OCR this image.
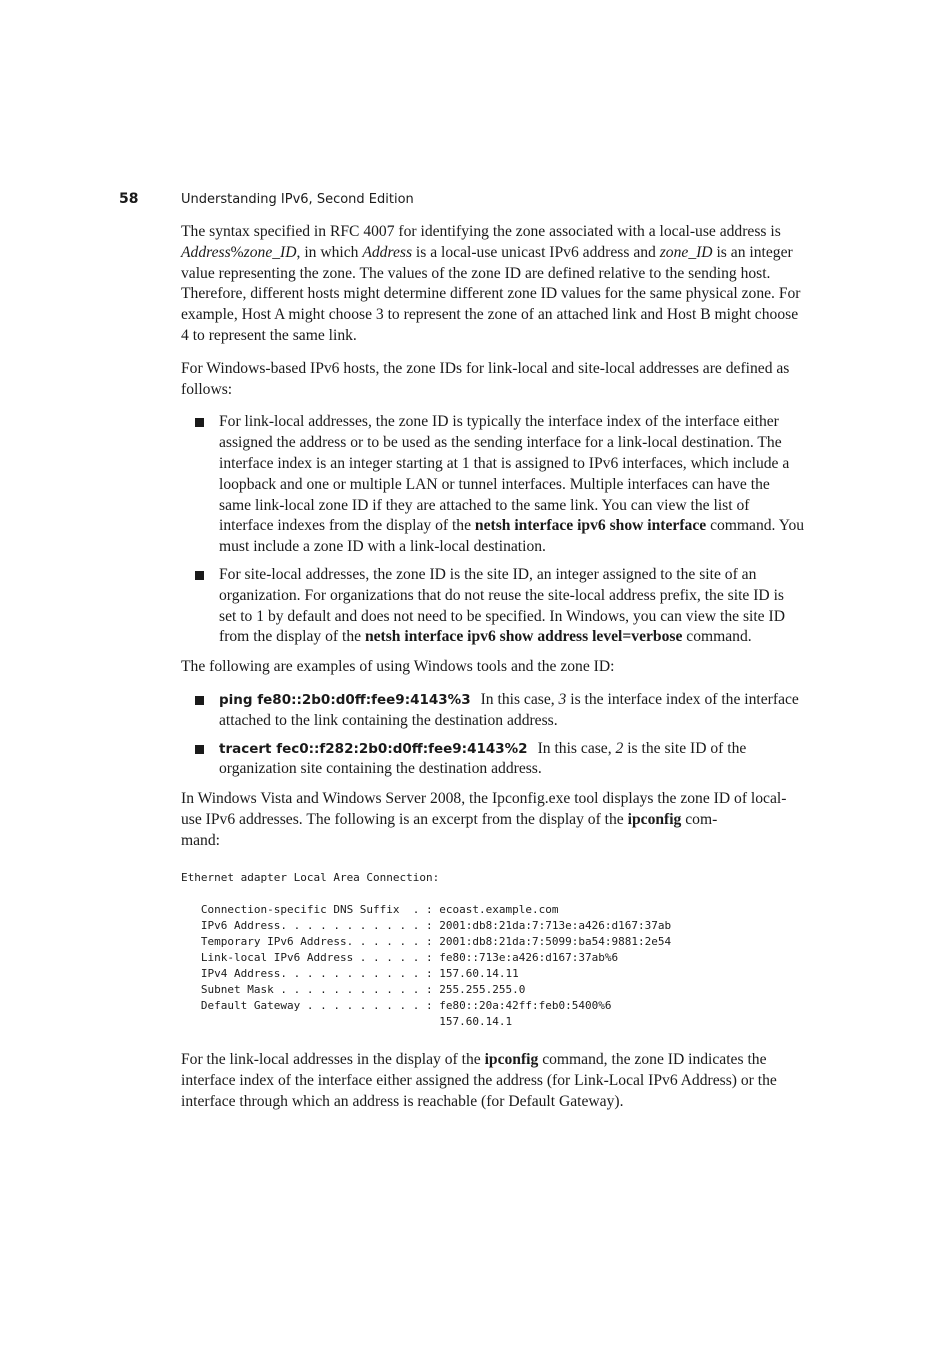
58	Understanding IPv6, Second Edition

The syntax specified in RFC 4007 for identifying the zone associated with a local-use address is Address%zone_ID, in which Address is a local-use unicast IPv6 address and zone_ID is an integer value representing the zone. The values of the zone ID are defined relative to the sending host. Therefore, different hosts might determine different zone ID values for the same physical zone. For example, Host A might choose 3 to represent the zone of an attached link and Host B might choose 4 to represent the same link.

For Windows-based IPv6 hosts, the zone IDs for link-local and site-local addresses are defined as follows:

For link-local addresses, the zone ID is typically the interface index of the interface either assigned the address or to be used as the sending interface for a link-local destination. The interface index is an integer starting at 1 that is assigned to IPv6 interfaces, which include a loopback and one or multiple LAN or tunnel interfaces. Multiple interfaces can have the same link-local zone ID if they are attached to the same link. You can view the list of interface indexes from the display of the netsh interface ipv6 show interface command. You must include a zone ID with a link-local destination.
For site-local addresses, the zone ID is the site ID, an integer assigned to the site of an organization. For organizations that do not reuse the site-local address prefix, the site ID is set to 1 by default and does not need to be specified. In Windows, you can view the site ID from the display of the netsh interface ipv6 show address level=verbose command.

The following are examples of using Windows tools and the zone ID:

ping fe80::2b0:d0ff:fee9:4143%3 In this case, 3 is the interface index of the interface attached to the link containing the destination address.
tracert fec0::f282:2b0:d0ff:fee9:4143%2 In this case, 2 is the site ID of the organization site containing the destination address.

In Windows Vista and Windows Server 2008, the Ipconfig.exe tool displays the zone ID of local-use IPv6 addresses. The following is an excerpt from the display of the ipconfig com-
mand:

Ethernet adapter Local Area Connection:

Connection-specific DNS Suffix  . : ecoast.example.com
IPv6 Address. . . . . . . . . . . : 2001:db8:21da:7:713e:a426:d167:37ab
Temporary IPv6 Address. . . . . . : 2001:db8:21da:7:5099:ba54:9881:2e54
Link-local IPv6 Address . . . . . : fe80::713e:a426:d167:37ab%6
IPv4 Address. . . . . . . . . . . : 157.60.14.11
Subnet Mask . . . . . . . . . . . : 255.255.255.0
Default Gateway . . . . . . . . . : fe80::20a:42ff:feb0:5400%6
157.60.14.1

For the link-local addresses in the display of the ipconfig command, the zone ID indicates the interface index of the interface either assigned the address (for Link-Local IPv6 Address) or the interface through which an address is reachable (for Default Gateway).
